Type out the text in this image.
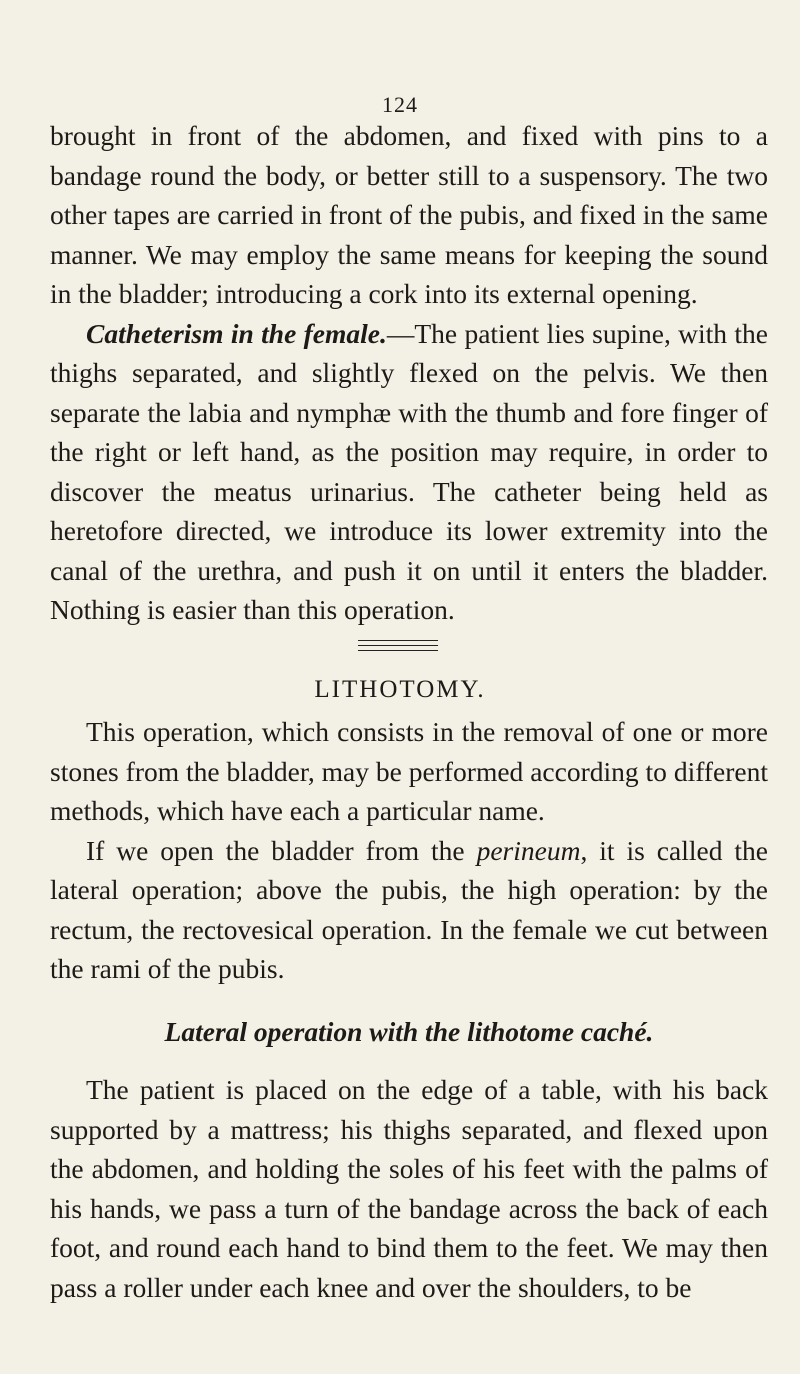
124

brought in front of the abdomen, and fixed with pins to a bandage round the body, or better still to a suspensory. The two other tapes are carried in front of the pubis, and fixed in the same manner. We may employ the same means for keeping the sound in the bladder; introducing a cork into its external opening.

Catheterism in the female.—The patient lies supine, with the thighs separated, and slightly flexed on the pelvis. We then separate the labia and nymphæ with the thumb and fore finger of the right or left hand, as the position may require, in order to discover the meatus urinarius. The catheter being held as heretofore directed, we introduce its lower extremity into the canal of the urethra, and push it on until it enters the bladder. Nothing is easier than this operation.

LITHOTOMY.

This operation, which consists in the removal of one or more stones from the bladder, may be performed according to different methods, which have each a particular name.

If we open the bladder from the perineum, it is called the lateral operation; above the pubis, the high operation: by the rectum, the rectovesical operation. In the female we cut between the rami of the pubis.

Lateral operation with the lithotome caché.

The patient is placed on the edge of a table, with his back supported by a mattress; his thighs separated, and flexed upon the abdomen, and holding the soles of his feet with the palms of his hands, we pass a turn of the bandage across the back of each foot, and round each hand to bind them to the feet. We may then pass a roller under each knee and over the shoulders, to be
